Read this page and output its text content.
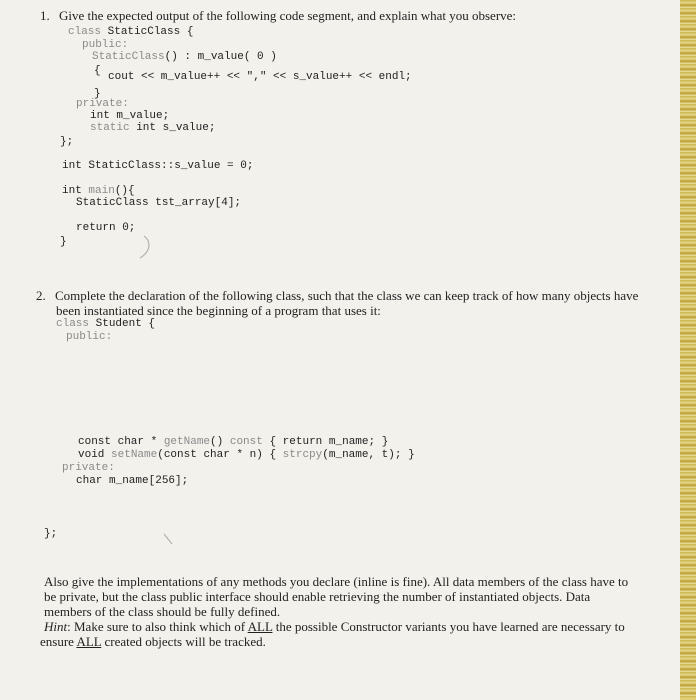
1. Give the expected output of the following code segment, and explain what you observe:
class StaticClass {
public:
StaticClass() : m_value( 0 )
{ cout << m_value++ << "," << s_value++ << endl;
}
private:
int m_value;
static int s_value;
};
int StaticClass::s_value = 0;
int main(){
StaticClass tst_array[4];
return 0;
}
2. Complete the declaration of the following class, such that the class we can keep track of how many objects have
been instantiated since the beginning of a program that uses it:
class Student {
public:
const char * getName() const { return m_name; }
void setName(const char * n) { strcpy(m_name, t); }
private:
char m_name[256];
};
Also give the implementations of any methods you declare (inline is fine). All data members of the class have to
be private, but the class public interface should enable retrieving the number of instantiated objects. Data
members of the class should be fully defined.
Hint: Make sure to also think which of ALL the possible Constructor variants you have learned are necessary to
ensure ALL created objects will be tracked.
